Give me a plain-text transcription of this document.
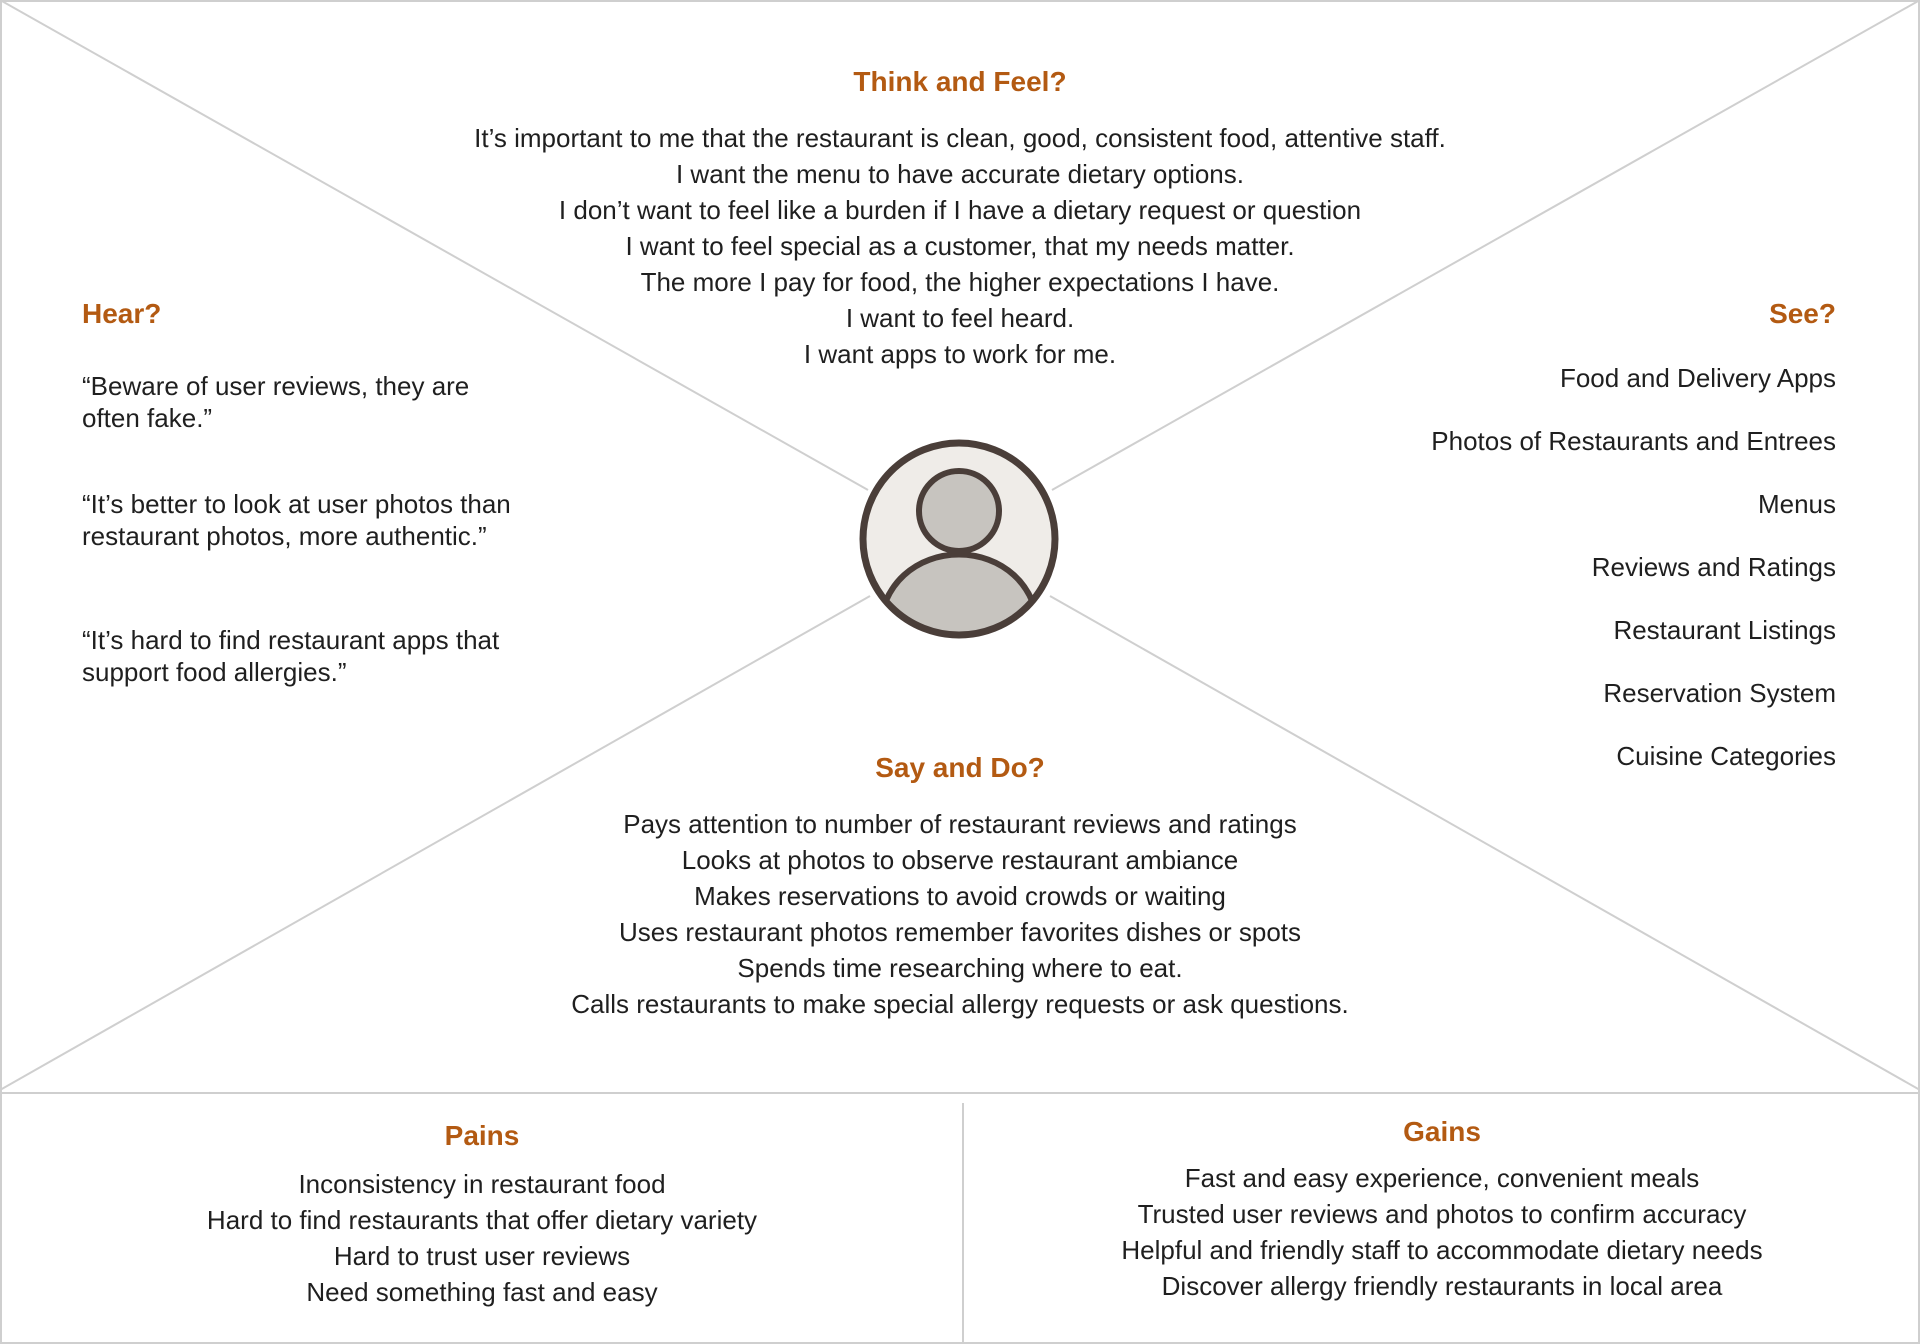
Think and Feel?

It’s important to me that the restaurant is clean, good, consistent food, attentive staff.

I want the menu to have accurate dietary options.

I don’t want to feel like a burden if I have a dietary request or question

I want to feel special as a customer, that my needs matter.

The more I pay for food, the higher expectations I have.

I want to feel heard.

I want apps to work for me.

Hear?

“Beware of user reviews, they are often fake.”

“It’s better to look at user photos than restaurant photos, more authentic.”

“It’s hard to find restaurant apps that support food allergies.”

See?

Food and Delivery Apps

Photos of Restaurants and Entrees

Menus

Reviews and Ratings

Restaurant Listings

Reservation System

Cuisine Categories

Say and Do?

Pays attention to number of restaurant reviews and ratings

Looks at photos to observe restaurant ambiance

Makes reservations to avoid crowds or waiting

Uses restaurant photos remember favorites dishes or spots

Spends time researching where to eat.

Calls restaurants to make special allergy requests or ask questions.

Pains

Inconsistency in restaurant food

Hard to find restaurants that offer dietary variety

Hard to trust user reviews

Need something fast and easy

Gains

Fast and easy experience, convenient meals

Trusted user reviews and photos to confirm accuracy

Helpful and friendly staff to accommodate dietary needs

Discover allergy friendly restaurants in local area
